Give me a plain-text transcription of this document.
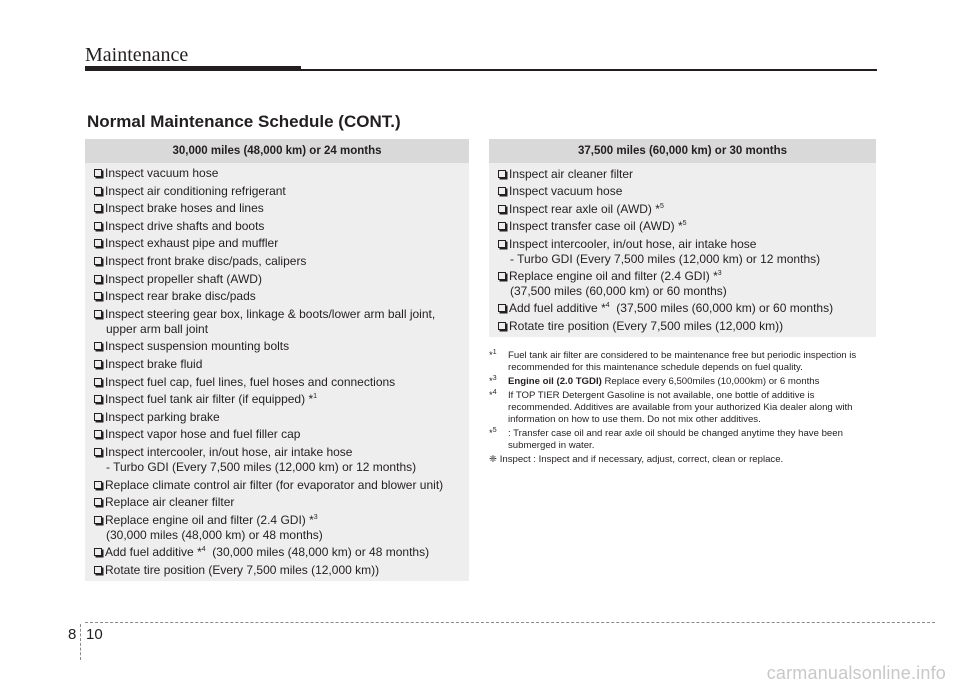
Maintenance
Normal Maintenance Schedule (CONT.)
30,000 miles (48,000 km) or 24 months
Inspect vacuum hose
Inspect air conditioning refrigerant
Inspect brake hoses and lines
Inspect drive shafts and boots
Inspect exhaust pipe and muffler
Inspect front brake disc/pads, calipers
Inspect propeller shaft (AWD)
Inspect rear brake disc/pads
Inspect steering gear box, linkage & boots/lower arm ball joint,
upper arm ball joint
Inspect suspension mounting bolts
Inspect brake fluid
Inspect fuel cap, fuel lines, fuel hoses and connections
Inspect fuel tank air filter (if equipped) *$^1$
Inspect parking brake
Inspect vapor hose and fuel filler cap
Inspect intercooler, in/out hose, air intake hose
- Turbo GDI (Every 7,500 miles (12,000 km) or 12 months)
Replace climate control air filter (for evaporator and blower unit)
Replace air cleaner filter
Replace engine oil and filter (2.4 GDI) *$^3$
(30,000 miles (48,000 km) or 48 months)
Add fuel additive *$^4$  (30,000 miles (48,000 km) or 48 months)
Rotate tire position (Every 7,500 miles (12,000 km))
37,500 miles (60,000 km) or 30 months
Inspect air cleaner filter
Inspect vacuum hose
Inspect rear axle oil (AWD) *$^5$
Inspect transfer case oil (AWD) *$^5$
Inspect intercooler, in/out hose, air intake hose
- Turbo GDI (Every 7,500 miles (12,000 km) or 12 months)
Replace engine oil and filter (2.4 GDI) *$^3$
(37,500 miles (60,000 km) or 60 months)
Add fuel additive *$^4$  (37,500 miles (60,000 km) or 60 months)
Rotate tire position (Every 7,500 miles (12,000 km))
*$^1$ Fuel tank air filter are considered to be maintenance free but periodic inspection is recommended for this maintenance schedule depends on fuel quality.
*$^3$ Engine oil (2.0 TGDI) Replace every 6,500miles (10,000km) or 6 months
*$^4$ If TOP TIER Detergent Gasoline is not available, one bottle of additive is recommended. Additives are available from your authorized Kia dealer along with information on how to use them. Do not mix other additives.
*$^5$ : Transfer case oil and rear axle oil should be changed anytime they have been submerged in water.
❈ Inspect : Inspect and if necessary, adjust, correct, clean or replace.
8 10
carmanualsonline.info
